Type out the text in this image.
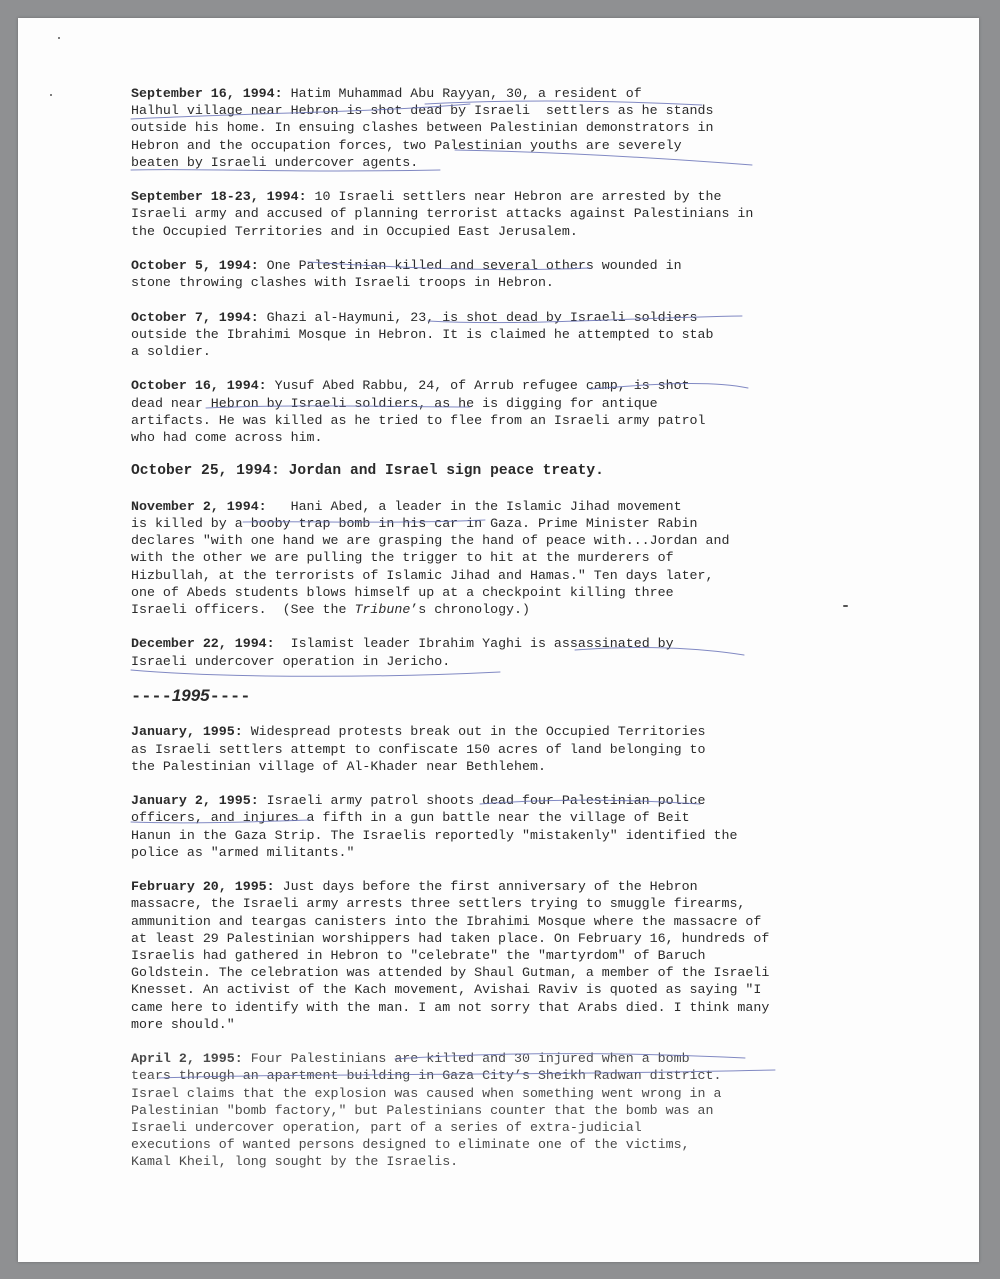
September 16, 1994: Hatim Muhammad Abu Rayyan, 30, a resident of
Halhul village near Hebron is shot dead by Israeli  settlers as he stands
outside his home. In ensuing clashes between Palestinian demonstrators in
Hebron and the occupation forces, two Palestinian youths are severely
beaten by Israeli undercover agents.
September 18-23, 1994: 10 Israeli settlers near Hebron are arrested by the
Israeli army and accused of planning terrorist attacks against Palestinians in
the Occupied Territories and in Occupied East Jerusalem.
October 5, 1994: One Palestinian killed and several others wounded in
stone throwing clashes with Israeli troops in Hebron.
October 7, 1994: Ghazi al-Haymuni, 23, is shot dead by Israeli soldiers
outside the Ibrahimi Mosque in Hebron. It is claimed he attempted to stab
a soldier.
October 16, 1994: Yusuf Abed Rabbu, 24, of Arrub refugee camp, is shot
dead near Hebron by Israeli soldiers, as he is digging for antique
artifacts. He was killed as he tried to flee from an Israeli army patrol
who had come across him.
October 25, 1994: Jordan and Israel sign peace treaty.
November 2, 1994:   Hani Abed, a leader in the Islamic Jihad movement
is killed by a booby trap bomb in his car in Gaza. Prime Minister Rabin
declares "with one hand we are grasping the hand of peace with...Jordan and
with the other we are pulling the trigger to hit at the murderers of
Hizbullah, at the terrorists of Islamic Jihad and Hamas." Ten days later,
one of Abeds students blows himself up at a checkpoint killing three
Israeli officers.  (See the Tribune’s chronology.)
December 22, 1994:  Islamist leader Ibrahim Yaghi is assassinated by
Israeli undercover operation in Jericho.
----1995----
January, 1995: Widespread protests break out in the Occupied Territories
as Israeli settlers attempt to confiscate 150 acres of land belonging to
the Palestinian village of Al-Khader near Bethlehem.
January 2, 1995: Israeli army patrol shoots dead four Palestinian police
officers, and injures a fifth in a gun battle near the village of Beit
Hanun in the Gaza Strip. The Israelis reportedly "mistakenly" identified the
police as "armed militants."
February 20, 1995: Just days before the first anniversary of the Hebron
massacre, the Israeli army arrests three settlers trying to smuggle firearms,
ammunition and teargas canisters into the Ibrahimi Mosque where the massacre of
at least 29 Palestinian worshippers had taken place. On February 16, hundreds of
Israelis had gathered in Hebron to "celebrate" the "martyrdom" of Baruch
Goldstein. The celebration was attended by Shaul Gutman, a member of the Israeli
Knesset. An activist of the Kach movement, Avishai Raviv is quoted as saying "I
came here to identify with the man. I am not sorry that Arabs died. I think many
more should."
April 2, 1995: Four Palestinians are killed and 30 injured when a bomb
tears through an apartment building in Gaza City’s Sheikh Radwan district.
Israel claims that the explosion was caused when something went wrong in a
Palestinian "bomb factory," but Palestinians counter that the bomb was an
Israeli undercover operation, part of a series of extra-judicial
executions of wanted persons designed to eliminate one of the victims,
Kamal Kheil, long sought by the Israelis.
